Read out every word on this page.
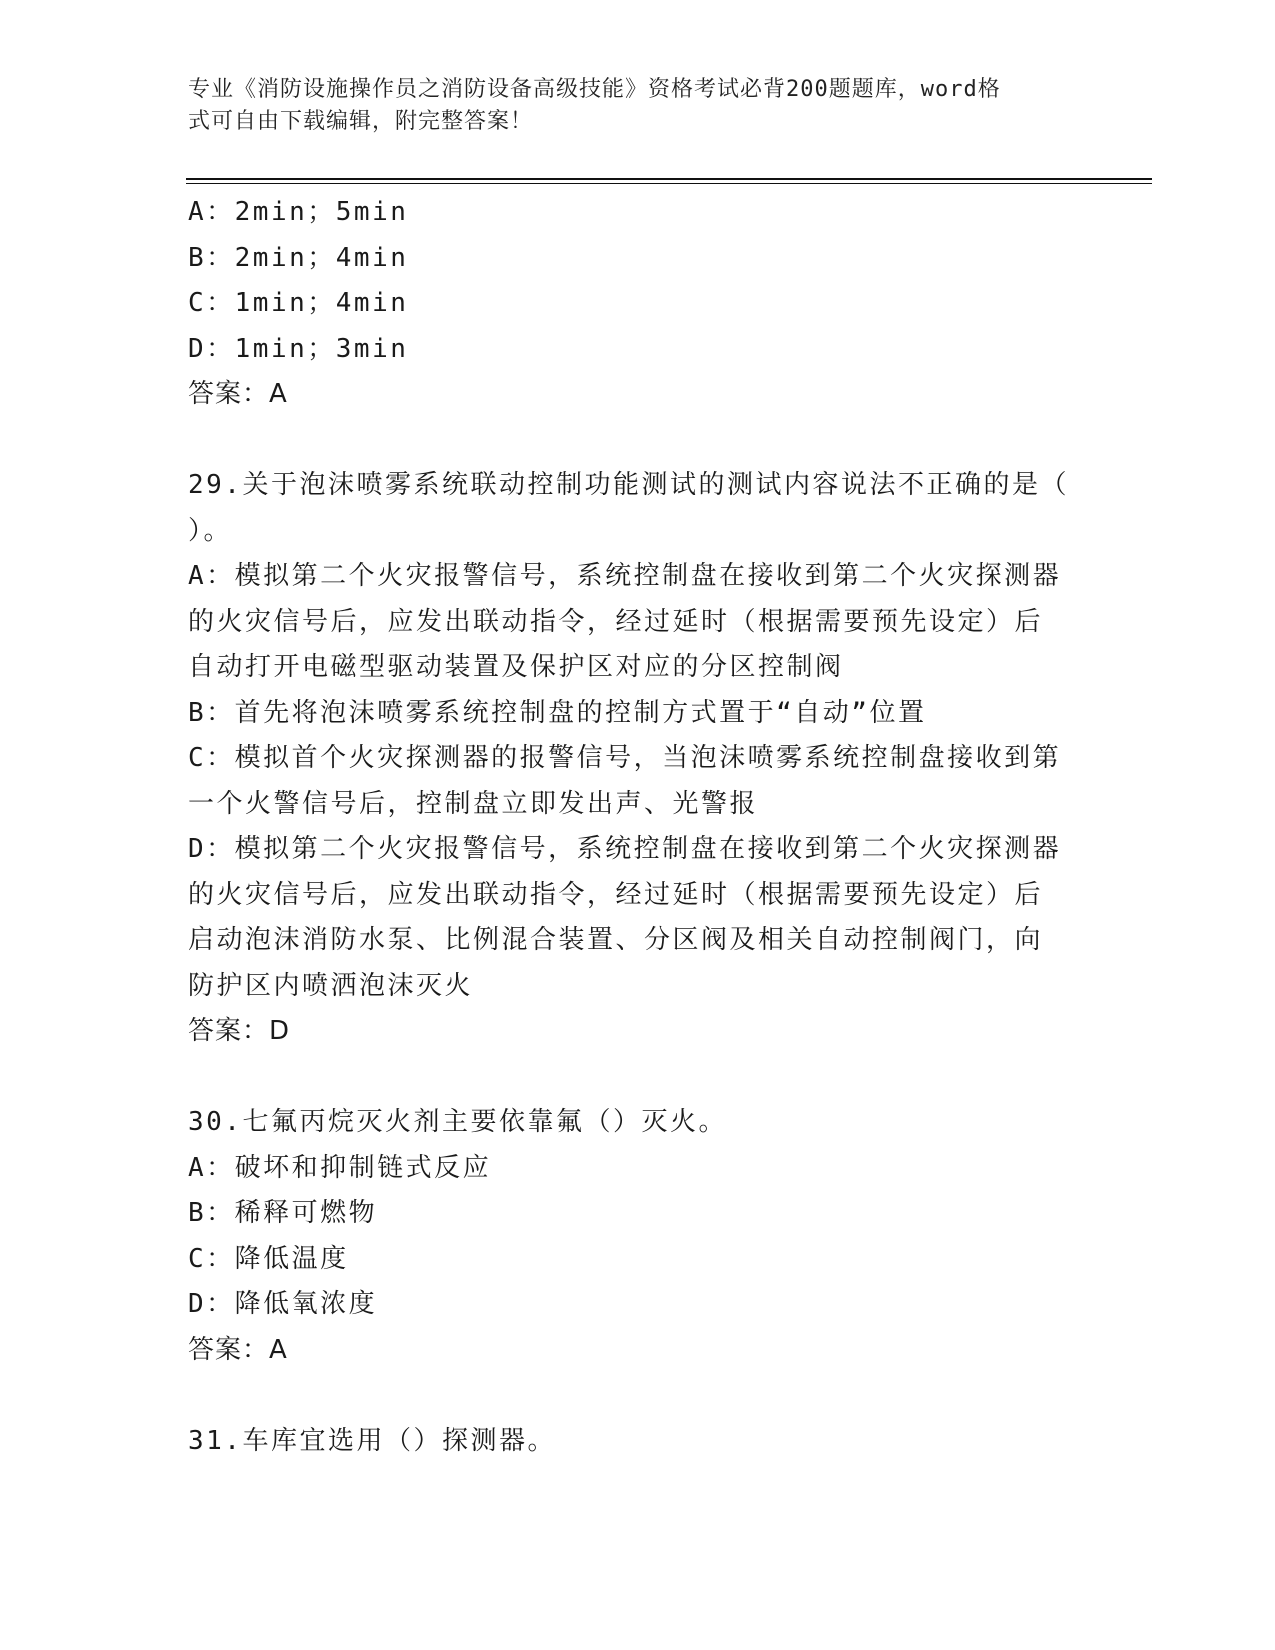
专业《消防设施操作员之消防设备高级技能》资格考试必背200题题库，word格
式可自由下载编辑，附完整答案！
A：2min；5min
B：2min；4min
C：1min；4min
D：1min；3min
答案：A
29.关于泡沫喷雾系统联动控制功能测试的测试内容说法不正确的是（
）。
A：模拟第二个火灾报警信号，系统控制盘在接收到第二个火灾探测器
的火灾信号后，应发出联动指令，经过延时（根据需要预先设定）后
自动打开电磁型驱动装置及保护区对应的分区控制阀
B：首先将泡沫喷雾系统控制盘的控制方式置于“自动”位置
C：模拟首个火灾探测器的报警信号，当泡沫喷雾系统控制盘接收到第
一个火警信号后，控制盘立即发出声、光警报
D：模拟第二个火灾报警信号，系统控制盘在接收到第二个火灾探测器
的火灾信号后，应发出联动指令，经过延时（根据需要预先设定）后
启动泡沫消防水泵、比例混合装置、分区阀及相关自动控制阀门，向
防护区内喷洒泡沫灭火
答案：D
30.七氟丙烷灭火剂主要依靠氟（）灭火。
A：破坏和抑制链式反应
B：稀释可燃物
C：降低温度
D：降低氧浓度
答案：A
31.车库宜选用（）探测器。
